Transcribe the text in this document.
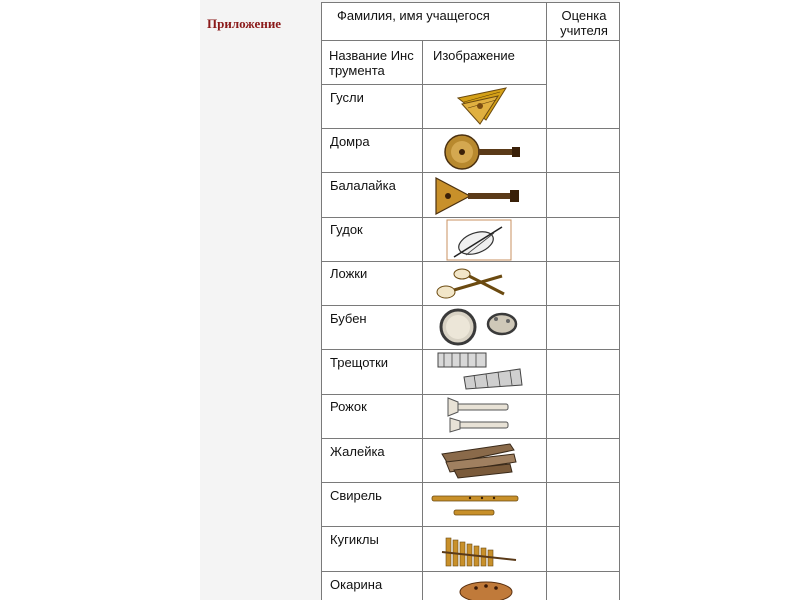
Приложение
Фамилия, имя учащегося	Оценка учителя
Название Инструмента
Изображение
Гусли
Домра
Балалайка
Гудок
Ложки
Бубен
Трещотки
Рожок
Жалейка
Свирель
Кугиклы
Окарина
